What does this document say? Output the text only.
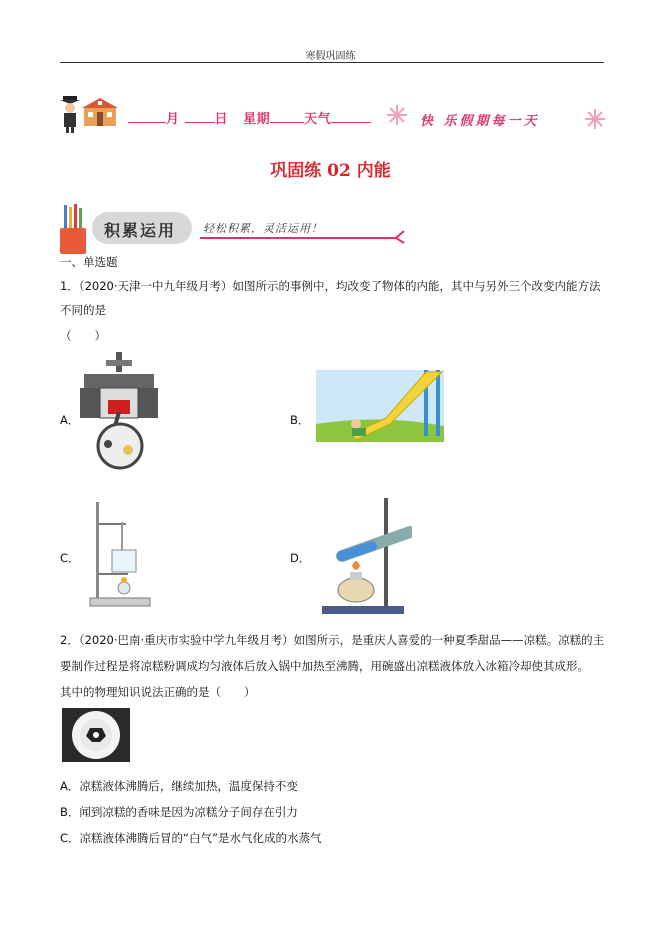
寒假巩固练
月	日 星期	天气	快 乐假期每一天
巩固练 02 内能
积累运用 轻松积累，灵活运用！
一、单选题
1．（2020·天津一中九年级月考）如图所示的事例中，均改变了物体的内能，其中与另外三个改变内能方法
不同的是
（　　）
A．	B．
C．	D．
2．（2020·巴南·重庆市实验中学九年级月考）如图所示，是重庆人喜爱的一种夏季甜品——凉糕。凉糕的主
要制作过程是将凉糕粉调成均匀液体后放入锅中加热至沸腾，用碗盛出凉糕液体放入冰箱冷却使其成形。
其中的物理知识说法正确的是（　　）
A．凉糕液体沸腾后，继续加热，温度保持不变
B．闻到凉糕的香味是因为凉糕分子间存在引力
C．凉糕液体沸腾后冒的“白气”是水气化成的水蒸气
